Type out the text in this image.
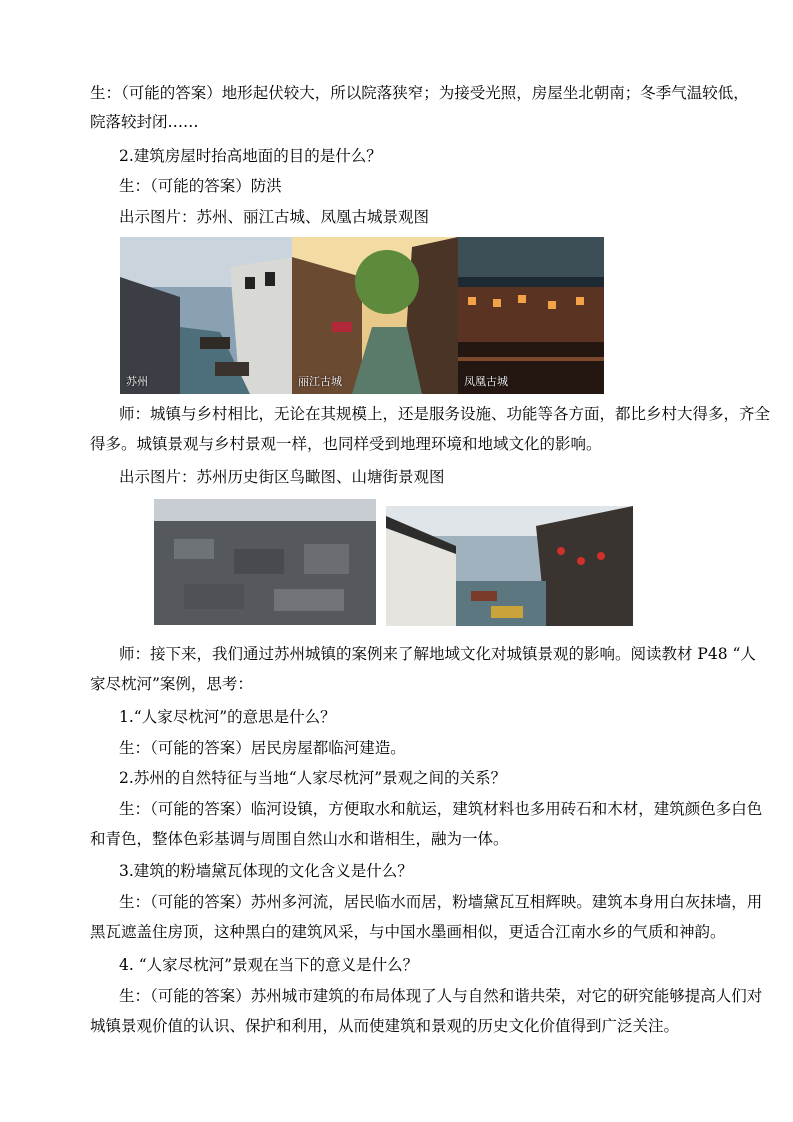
生：（可能的答案）地形起伏较大，所以院落狭窄；为接受光照，房屋坐北朝南；冬季气温较低，
院落较封闭……
2.建筑房屋时抬高地面的目的是什么？
生：（可能的答案）防洪
出示图片：苏州、丽江古城、凤凰古城景观图
苏州	丽江古城	凤凰古城
师：城镇与乡村相比，无论在其规模上，还是服务设施、功能等各方面，都比乡村大得多，齐全
得多。城镇景观与乡村景观一样，也同样受到地理环境和地域文化的影响。
出示图片：苏州历史街区鸟瞰图、山塘街景观图
师：接下来，我们通过苏州城镇的案例来了解地域文化对城镇景观的影响。阅读教材 P48 “人
家尽枕河”案例，思考：
1.“人家尽枕河”的意思是什么？
生：（可能的答案）居民房屋都临河建造。
2.苏州的自然特征与当地“人家尽枕河”景观之间的关系？
生：（可能的答案）临河设镇，方便取水和航运，建筑材料也多用砖石和木材，建筑颜色多白色
和青色，整体色彩基调与周围自然山水和谐相生，融为一体。
3.建筑的粉墙黛瓦体现的文化含义是什么？
生：（可能的答案）苏州多河流，居民临水而居，粉墙黛瓦互相辉映。建筑本身用白灰抹墙，用
黑瓦遮盖住房顶，这种黑白的建筑风采，与中国水墨画相似，更适合江南水乡的气质和神韵。
4. “人家尽枕河”景观在当下的意义是什么？
生：（可能的答案）苏州城市建筑的布局体现了人与自然和谐共荣，对它的研究能够提高人们对
城镇景观价值的认识、保护和利用，从而使建筑和景观的历史文化价值得到广泛关注。
